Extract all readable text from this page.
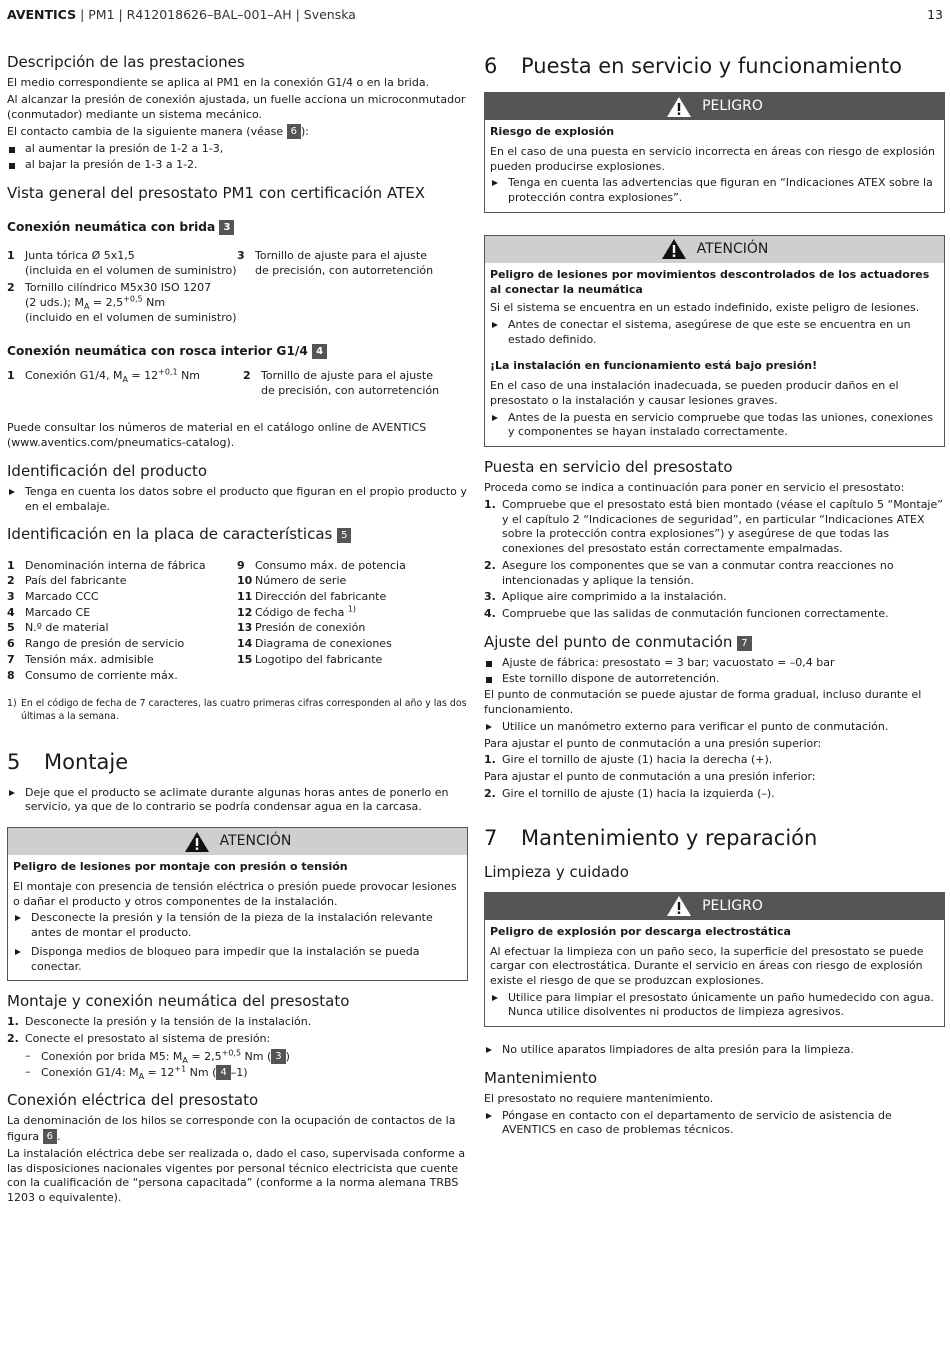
AVENTICS | PM1 | R412018626–BAL–001–AH | Svenska	13
Descripción de las prestaciones

El medio correspondiente se aplica al PM1 en la conexión G1/4 o en la brida.

Al alcanzar la presión de conexión ajustada, un fuelle acciona un microconmutador (conmutador) mediante un sistema mecánico.

El contacto cambia de la siguiente manera (véase 6 ):

al aumentar la presión de 1-2 a 1-3,
al bajar la presión de 1-3 a 1-2.
Vista general del presostato PM1 con certificación ATEX
Conexión neumática con brida 3
1 Junta tórica Ø 5x1,5
(incluida en el volumen de suministro)
2 Tornillo cilíndrico M5x30 ISO 1207
(2 uds.); $M_A = 2,5^{+0,5}$ Nm
(incluido en el volumen de suministro)
3 Tornillo de ajuste para el ajuste
de precisión, con autorretención
Conexión neumática con rosca interior G1/4 4
1 Conexión G1/4, $M_A = 12^{+0,1}$ Nm	2 Tornillo de ajuste para el ajuste
de precisión, con autorretención

Puede consultar los números de material en el catálogo online de AVENTICS (www.aventics.com/pneumatics-catalog).

Identificación del producto
Tenga en cuenta los datos sobre el producto que figuran en el propio producto y en el embalaje.
Identificación en la placa de características 5
1 Denominación interna de fábrica
2 País del fabricante
3 Marcado CCC
4 Marcado CE
5 N.º de material
6 Rango de presión de servicio
7 Tensión máx. admisible
8 Consumo de corriente máx.
9 Consumo máx. de potencia
10 Número de serie
11 Dirección del fabricante
12 Código de fecha $^{1)}$
13 Presión de conexión
14 Diagrama de conexiones
15 Logotipo del fabricante
1) En el código de fecha de 7 caracteres, las cuatro primeras cifras corresponden al año y las dos últimas a la semana.
5	Montaje
Deje que el producto se aclimate durante algunas horas antes de ponerlo en servicio, ya que de lo contrario se podría condensar agua en la carcasa.
ATENCIÓN
Peligro de lesiones por montaje con presión o tensión

El montaje con presencia de tensión eléctrica o presión puede provocar lesiones o dañar el producto y otros componentes de la instalación.

Desconecte la presión y la tensión de la pieza de la instalación relevante antes de montar el producto.
Disponga medios de bloqueo para impedir que la instalación se pueda conectar.
Montaje y conexión neumática del presostato
1. Desconecte la presión y la tensión de la instalación.
2. Conecte el presostato al sistema de presión:
– Conexión por brida M5: $M_A = 2,5^{+0,5}$ Nm ( 3 )
– Conexión G1/4: $M_A = 12^{+1}$ Nm ( 4 –1)
Conexión eléctrica del presostato

La denominación de los hilos se corresponde con la ocupación de contactos de la figura 6 .

La instalación eléctrica debe ser realizada o, dado el caso, supervisada conforme a las disposiciones nacionales vigentes por personal técnico electricista que cuente con la cualificación de “persona capacitada” (conforme a la norma alemana TRBS 1203 o equivalente).

6	Puesta en servicio y funcionamiento
PELIGRO
Riesgo de explosión

En el caso de una puesta en servicio incorrecta en áreas con riesgo de explosión pueden producirse explosiones.

Tenga en cuenta las advertencias que figuran en “Indicaciones ATEX sobre la protección contra explosiones”.
ATENCIÓN
Peligro de lesiones por movimientos descontrolados de los actuadores
al conectar la neumática

Si el sistema se encuentra en un estado indefinido, existe peligro de lesiones.

Antes de conectar el sistema, asegúrese de que este se encuentra en un estado definido.
¡La instalación en funcionamiento está bajo presión!

En el caso de una instalación inadecuada, se pueden producir daños en el presostato o la instalación y causar lesiones graves.

Antes de la puesta en servicio compruebe que todas las uniones, conexiones y componentes se hayan instalado correctamente.
Puesta en servicio del presostato

Proceda como se indica a continuación para poner en servicio el presostato:

1. Compruebe que el presostato está bien montado (véase el capítulo 5 “Montaje” y el capítulo 2 “Indicaciones de seguridad”, en particular “Indicaciones ATEX sobre la protección contra explosiones”) y asegúrese de que todas las conexiones del presostato están correctamente empalmadas.
2. Asegure los componentes que se van a conmutar contra reacciones no intencionadas y aplique la tensión.
3. Aplique aire comprimido a la instalación.
4. Compruebe que las salidas de conmutación funcionen correctamente.
Ajuste del punto de conmutación 7
Ajuste de fábrica: presostato = 3 bar; vacuostato = –0,4 bar
Este tornillo dispone de autorretención.

El punto de conmutación se puede ajustar de forma gradual, incluso durante el funcionamiento.

Utilice un manómetro externo para verificar el punto de conmutación.

Para ajustar el punto de conmutación a una presión superior:

1. Gire el tornillo de ajuste (1) hacia la derecha (+).

Para ajustar el punto de conmutación a una presión inferior:

2. Gire el tornillo de ajuste (1) hacia la izquierda (–).
7	Mantenimiento y reparación
Limpieza y cuidado
PELIGRO
Peligro de explosión por descarga electrostática

Al efectuar la limpieza con un paño seco, la superficie del presostato se puede cargar con electrostática. Durante el servicio en áreas con riesgo de explosión existe el riesgo de que se produzcan explosiones.

Utilice para limpiar el presostato únicamente un paño humedecido con agua. Nunca utilice disolventes ni productos de limpieza agresivos.
No utilice aparatos limpiadores de alta presión para la limpieza.
Mantenimiento

El presostato no requiere mantenimiento.

Póngase en contacto con el departamento de servicio de asistencia de AVENTICS en caso de problemas técnicos.
